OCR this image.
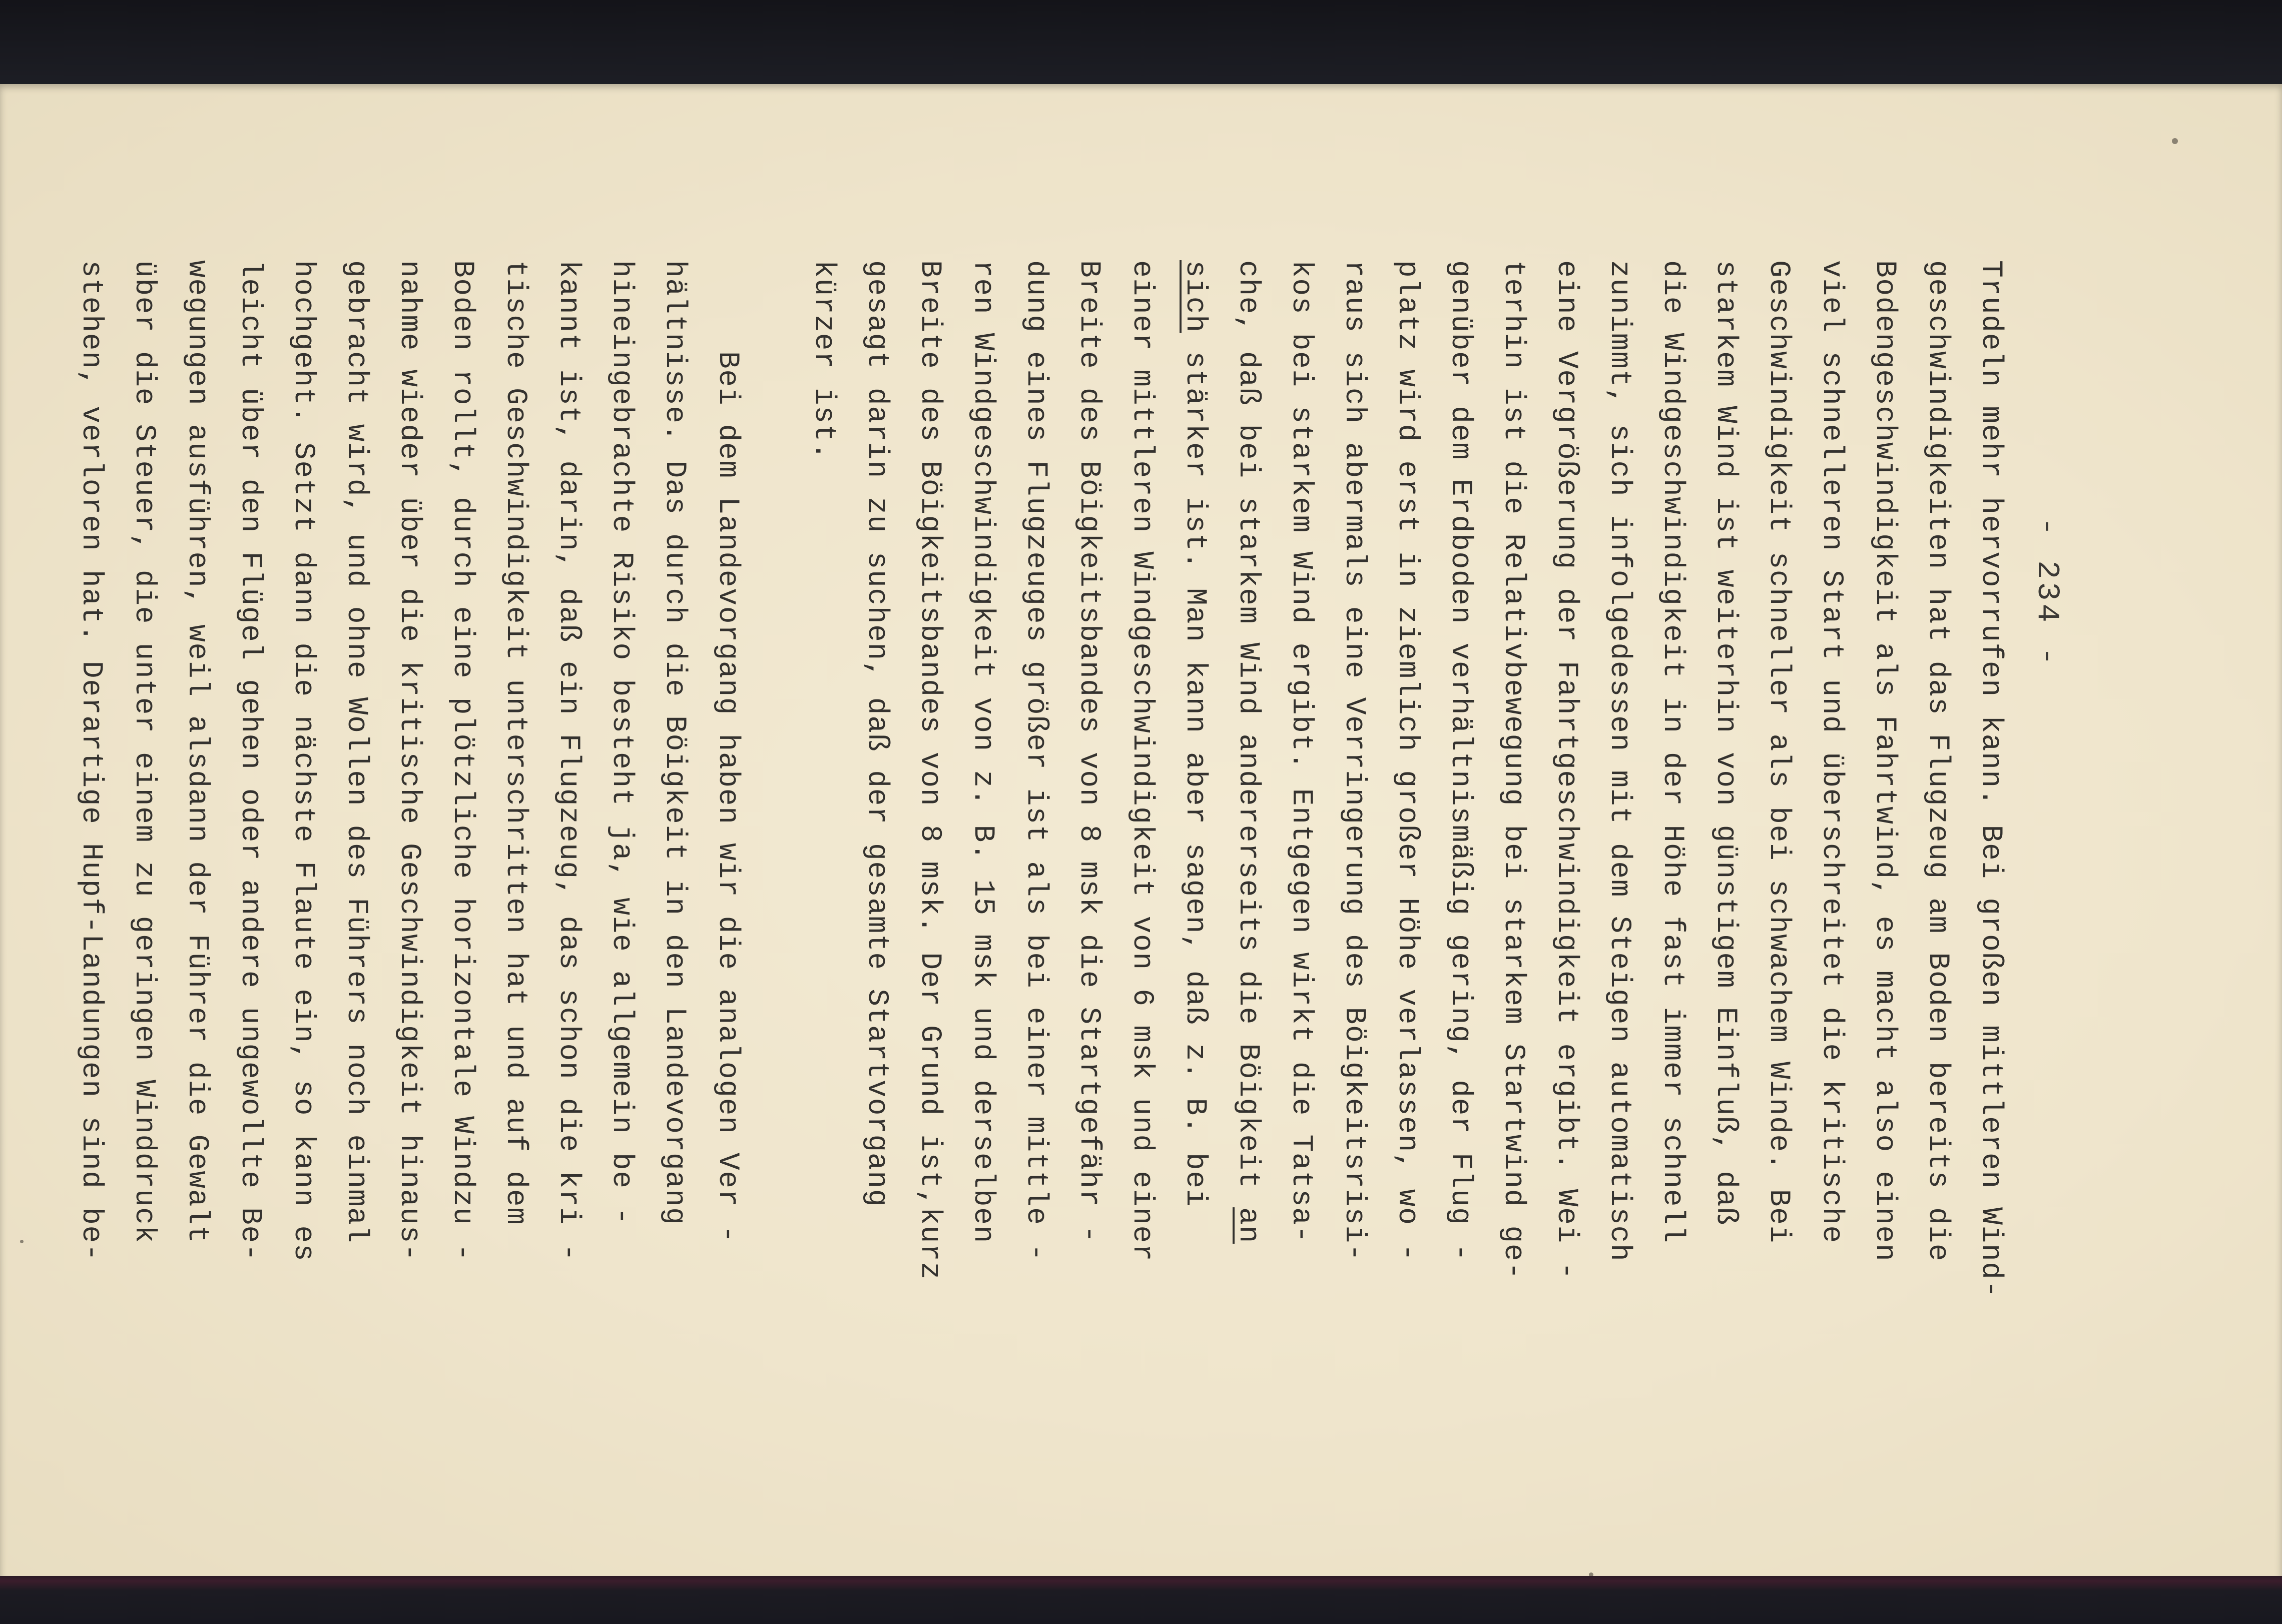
- 234 -
Trudeln mehr hervorrufen kann. Bei großen mittleren Wind-
geschwindigkeiten hat das Flugzeug am Boden bereits die
Bodengeschwindigkeit als Fahrtwind, es macht also einen
viel schnelleren Start und überschreitet die kritische
Geschwindigkeit schneller als bei schwachem Winde. Bei
starkem Wind ist weiterhin von günstigem Einfluß, daß
die Windgeschwindigkeit in der Höhe fast immer schnell
zunimmt, sich infolgedessen mit dem Steigen automatisch
eine Vergrößerung der Fahrtgeschwindigkeit ergibt. Wei -
terhin ist die Relativbewegung bei starkem Startwind ge-
genüber dem Erdboden verhältnismäßig gering, der Flug -
platz wird erst in ziemlich großer Höhe verlassen, wo -
raus sich abermals eine Verringerung des Böigkeitsrisi-
kos bei starkem Wind ergibt. Entgegen wirkt die Tatsa-
che, daß bei starkem Wind andererseits die Böigkeit an
sich stärker ist. Man kann aber sagen, daß z. B. bei
einer mittleren Windgeschwindigkeit von 6 msk und einer
Breite des Böigkeitsbandes von 8 msk die Startgefähr -
dung eines Flugzeuges größer ist als bei einer mittle -
ren Windgeschwindigkeit von z. B. 15 msk und derselben
Breite des Böigkeitsbandes von 8 msk. Der Grund ist,kurz
gesagt darin zu suchen, daß der gesamte Startvorgang
kürzer ist.
Bei dem Landevorgang haben wir die analogen Ver -
hältnisse. Das durch die Böigkeit in den Landevorgang
hineingebrachte Risiko besteht ja, wie allgemein be -
kannt ist, darin, daß ein Flugzeug, das schon die kri -
tische Geschwindigkeit unterschritten hat und auf dem
Boden rollt, durch eine plötzliche horizontale Windzu -
nahme wieder über die kritische Geschwindigkeit hinaus-
gebracht wird, und ohne Wollen des Führers noch einmal
hochgeht. Setzt dann die nächste Flaute ein, so kann es
leicht über den Flügel gehen oder andere ungewollte Be-
wegungen ausführen, weil alsdann der Führer die Gewalt
über die Steuer, die unter einem zu geringen Winddruck
stehen, verloren hat. Derartige Hupf-Landungen sind be-
